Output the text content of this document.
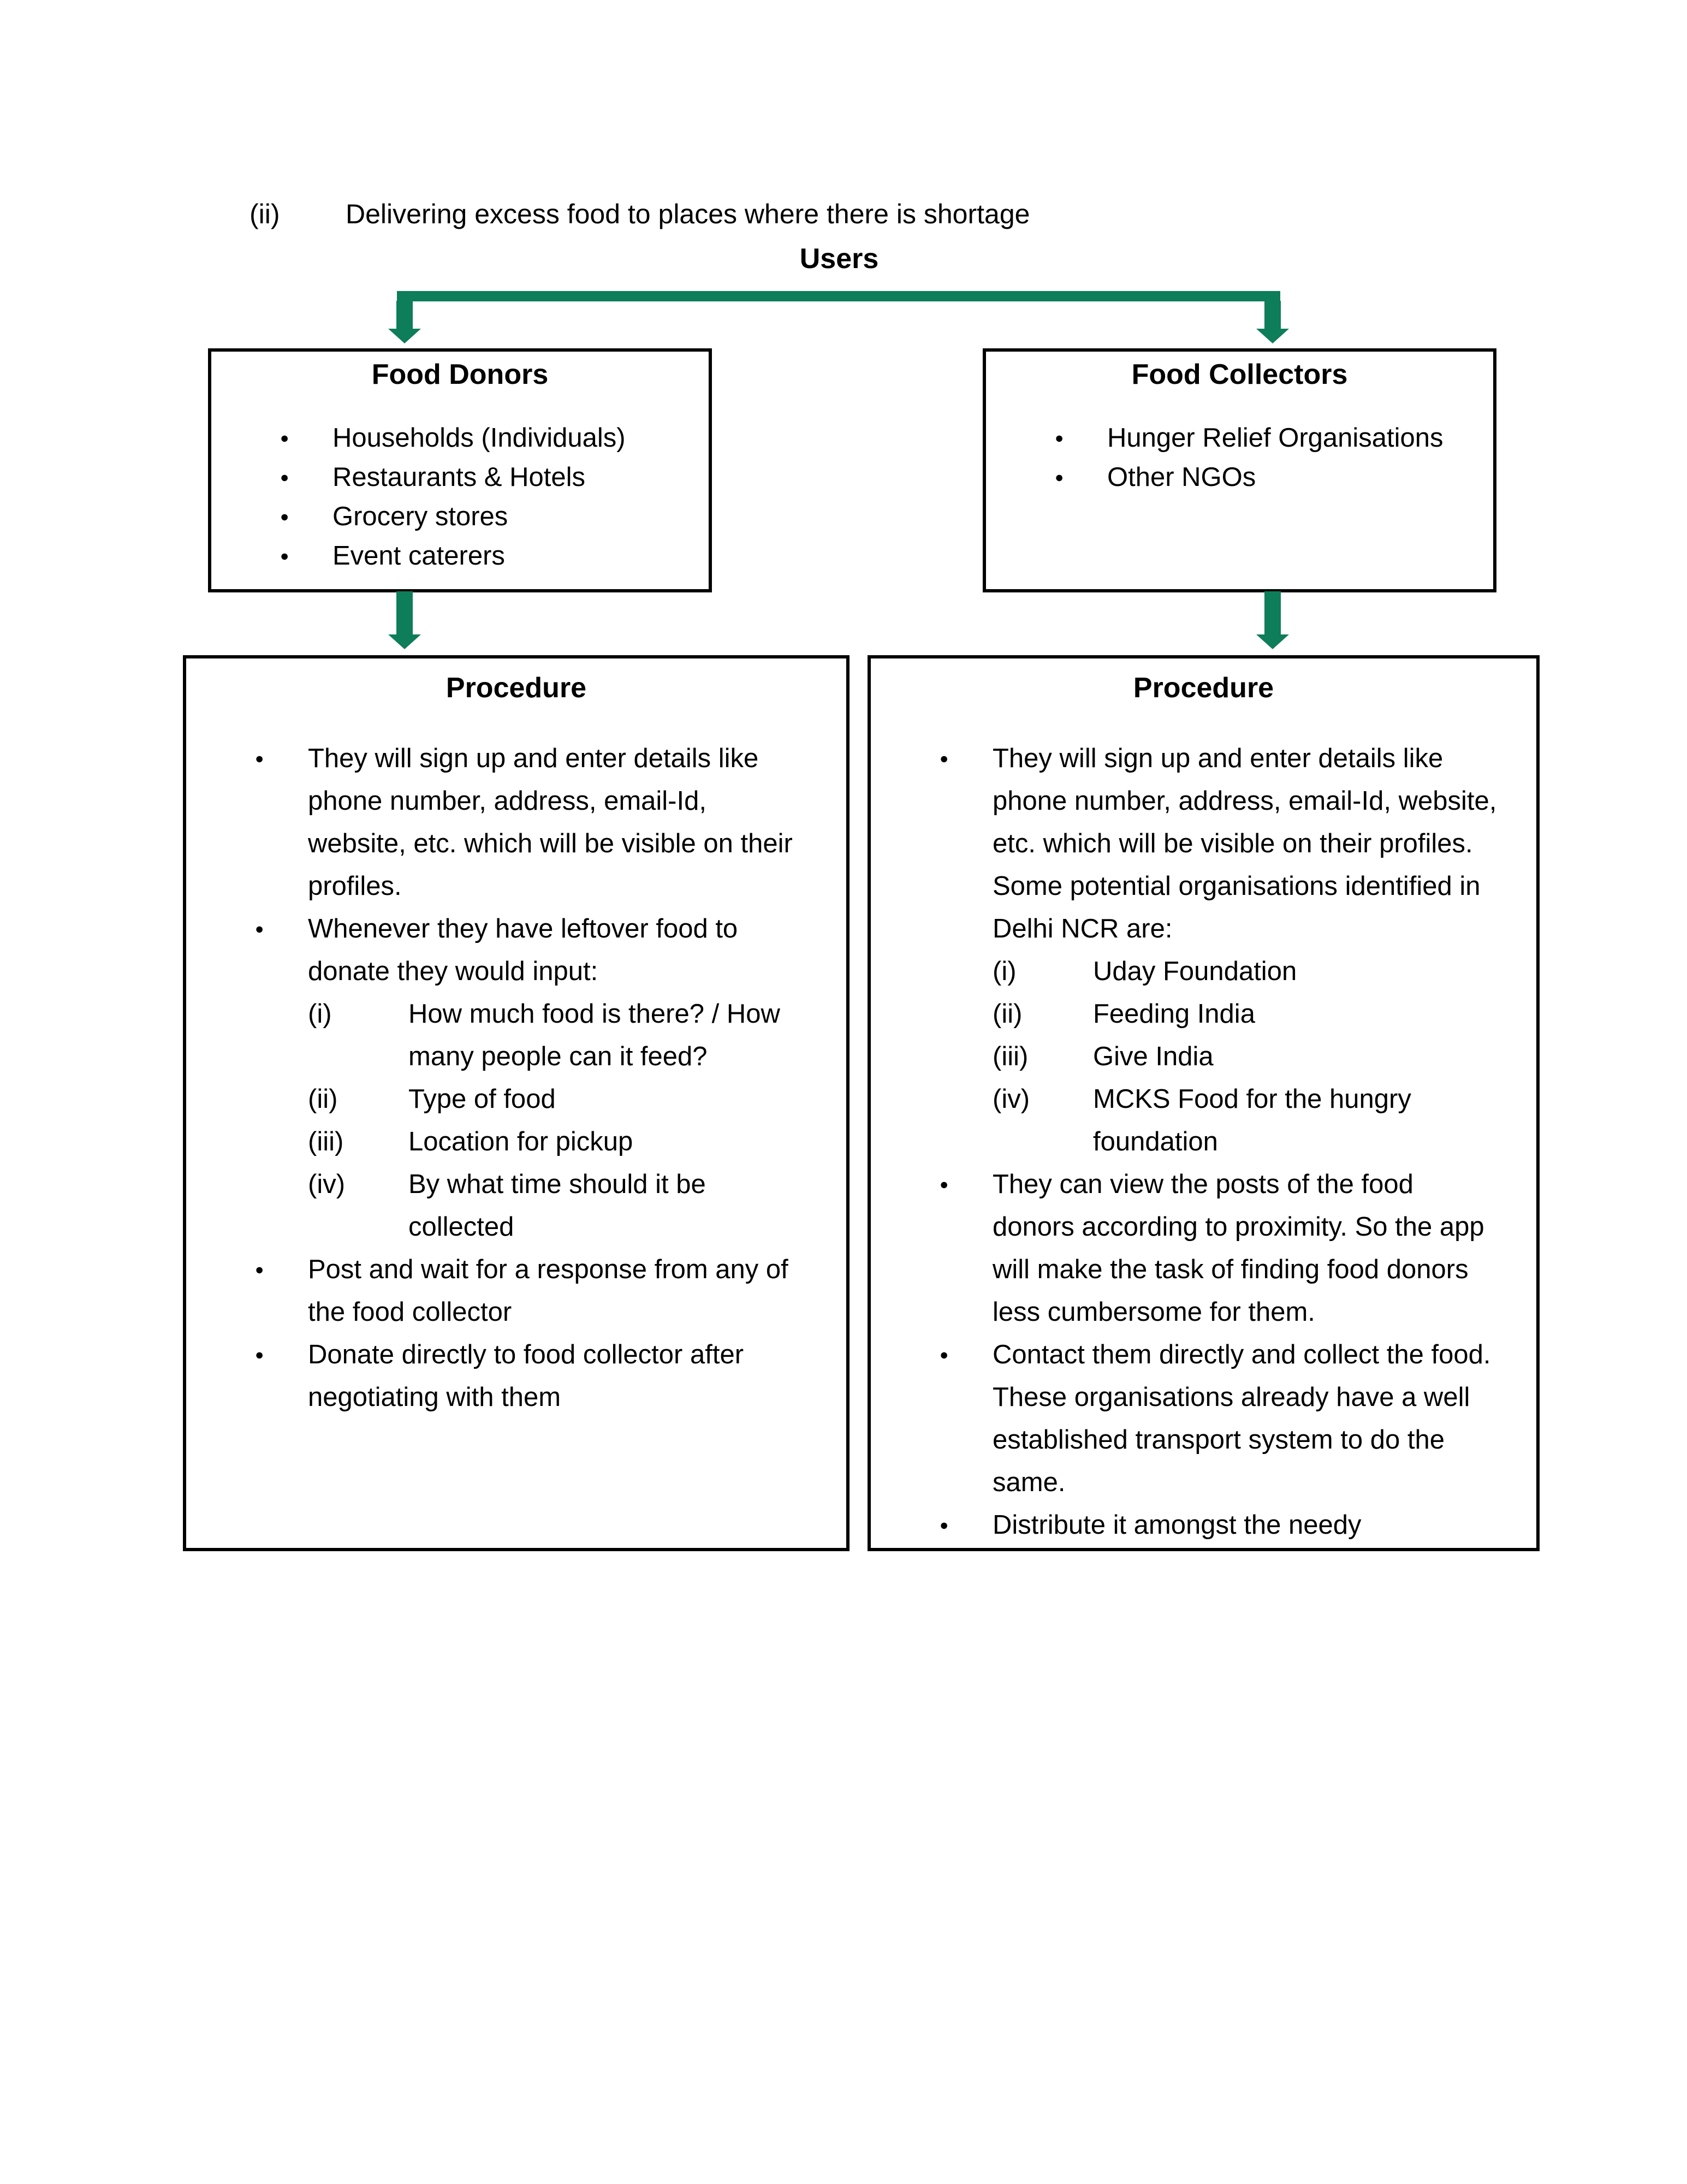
(ii)	Delivering excess food to places where there is shortage
Users
Food Donors
● Households (Individuals)
● Restaurants & Hotels
● Grocery stores
● Event caterers
Food Collectors
● Hunger Relief Organisations
● Other NGOs
Procedure
● They will sign up and enter details like
phone number, address, email-Id,
website, etc. which will be visible on their
profiles.
● Whenever they have leftover food to
donate they would input:
(i)	How much food is there? / How
many people can it feed?
(ii)	Type of food
(iii) Location for pickup
(iv) By what time should it be
collected
● Post and wait for a response from any of
the food collector
● Donate directly to food collector after
negotiating with them
Procedure
● They will sign up and enter details like
phone number, address, email-Id, website,
etc. which will be visible on their profiles.
Some potential organisations identified in
Delhi NCR are:
(i)	Uday Foundation
(ii)	Feeding India
(iii) Give India
(iv) MCKS Food for the hungry
foundation
● They can view the posts of the food
donors according to proximity. So the app
will make the task of finding food donors
less cumbersome for them.
● Contact them directly and collect the food.
These organisations already have a well
established transport system to do the
same.
● Distribute it amongst the needy
